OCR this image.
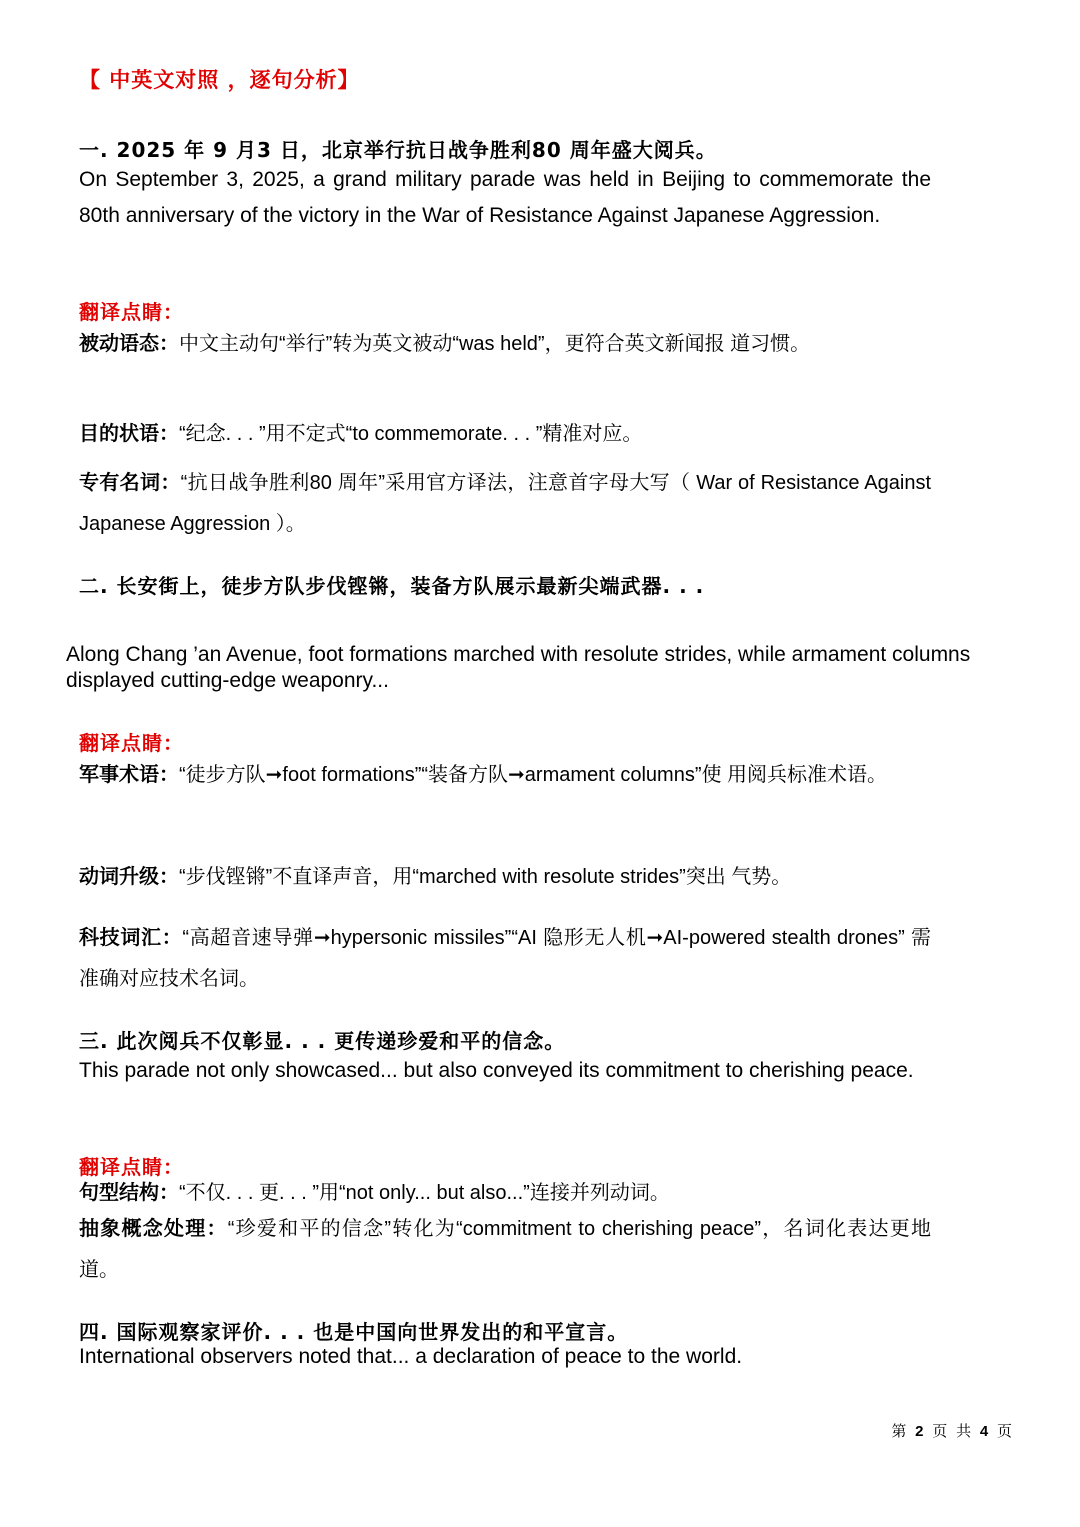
【 中英文对照 ，逐句分析】
一. 2025 年 9 月3 日，北京举行抗日战争胜利80 周年盛大阅兵。
On September 3, 2025, a grand military parade was held in Beijing to commemorate the 80th anniversary of the victory in the War of Resistance Against Japanese Aggression.
翻译点睛：
被动语态：中文主动句“举行”转为英文被动“was held”，更符合英文新闻报 道习惯。
目的状语：“纪念. . . ”用不定式“to commemorate. . . ”精准对应。
专有名词：“抗日战争胜利80 周年”采用官方译法，注意首字母大写（ War of Resistance Against Japanese Aggression ）。
二. 长安街上，徒步方队步伐铿锵，装备方队展示最新尖端武器. . .
Along Chang ’an Avenue, foot formations marched with resolute strides, while armament columns displayed cutting-edge weaponry...
翻译点睛：
军事术语：“徒步方队➞foot formations”“装备方队➞armament columns”使 用阅兵标准术语。
动词升级：“步伐铿锵”不直译声音，用“marched with resolute strides”突出 气势。
科技词汇：“高超音速导弹➞hypersonic missiles”“AI 隐形无人机➞AI-powered stealth drones” 需准确对应技术名词。
三. 此次阅兵不仅彰显. . . 更传递珍爱和平的信念。
This parade not only showcased... but also conveyed its commitment to cherishing peace.
翻译点睛：
句型结构：“不仅. . . 更. . . ”用“not only... but also...”连接并列动词。
抽象概念处理：“珍爱和平的信念”转化为“commitment to cherishing peace”，名词化表达更地道。
四. 国际观察家评价. . . 也是中国向世界发出的和平宣言。
International observers noted that... a declaration of peace to the world.
第 2 页 共 4 页
